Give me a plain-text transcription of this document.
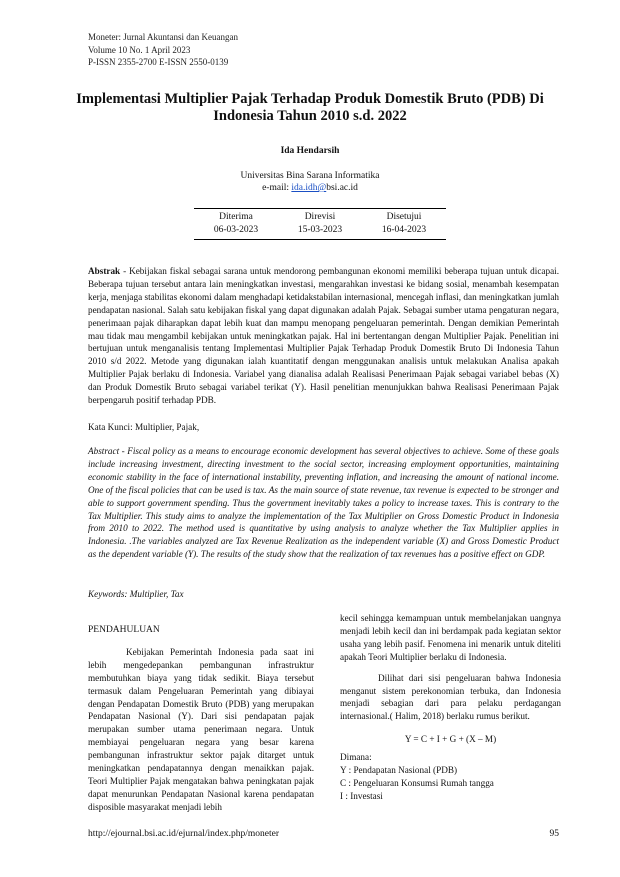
Moneter: Jurnal Akuntansi dan Keuangan
Volume 10 No. 1 April 2023
P-ISSN 2355-2700 E-ISSN 2550-0139
Implementasi Multiplier Pajak Terhadap Produk Domestik Bruto (PDB) Di Indonesia Tahun 2010 s.d. 2022
Ida Hendarsih
Universitas Bina Sarana Informatika
e-mail: ida.idh@bsi.ac.id
Diterima
06-03-2023
Direvisi
15-03-2023
Disetujui
16-04-2023
Abstrak - Kebijakan fiskal sebagai sarana untuk mendorong pembangunan ekonomi memiliki beberapa tujuan untuk dicapai. Beberapa tujuan tersebut antara lain meningkatkan investasi, mengarahkan investasi ke bidang sosial, menambah kesempatan kerja, menjaga stabilitas ekonomi dalam menghadapi ketidakstabilan internasional, mencegah inflasi, dan meningkatkan jumlah pendapatan nasional. Salah satu kebijakan fiskal yang dapat digunakan adalah Pajak. Sebagai sumber utama pengaturan negara, penerimaan pajak diharapkan dapat lebih kuat dan mampu menopang pengeluaran pemerintah. Dengan demikian Pemerintah mau tidak mau mengambil kebijakan untuk meningkatkan pajak. Hal ini bertentangan dengan Multiplier Pajak. Penelitian ini bertujuan untuk menganalisis tentang Implementasi Multiplier Pajak Terhadap Produk Domestik Bruto Di Indonesia Tahun 2010 s/d 2022. Metode yang digunakan ialah kuantitatif dengan menggunakan analisis untuk melakukan Analisa apakah Multiplier Pajak berlaku di Indonesia. Variabel yang dianalisa adalah Realisasi Penerimaan Pajak sebagai variabel bebas (X) dan Produk Domestik Bruto sebagai variabel terikat (Y). Hasil penelitian menunjukkan bahwa Realisasi Penerimaan Pajak berpengaruh positif terhadap PDB.
Kata Kunci: Multiplier, Pajak,
Abstract - Fiscal policy as a means to encourage economic development has several objectives to achieve. Some of these goals include increasing investment, directing investment to the social sector, increasing employment opportunities, maintaining economic stability in the face of international instability, preventing inflation, and increasing the amount of national income. One of the fiscal policies that can be used is tax. As the main source of state revenue, tax revenue is expected to be stronger and able to support government spending. Thus the government inevitably takes a policy to increase taxes. This is contrary to the Tax Multiplier. This study aims to analyze the implementation of the Tax Multiplier on Gross Domestic Product in Indonesia from 2010 to 2022. The method used is quantitative by using analysis to analyze whether the Tax Multiplier applies in Indonesia. .The variables analyzed are Tax Revenue Realization as the independent variable (X) and Gross Domestic Product as the dependent variable (Y). The results of the study show that the realization of tax revenues has a positive effect on GDP.
Keywords: Multiplier, Tax
PENDAHULUAN

Kebijakan Pemerintah Indonesia pada saat ini lebih mengedepankan pembangunan infrastruktur membutuhkan biaya yang tidak sedikit. Biaya tersebut termasuk dalam Pengeluaran Pemerintah yang dibiayai dengan Pendapatan Domestik Bruto (PDB) yang merupakan Pendapatan Nasional (Y). Dari sisi pendapatan pajak merupakan sumber utama penerimaan negara. Untuk membiayai pengeluaran negara yang besar karena pembangunan infrastruktur sektor pajak ditarget untuk meningkatkan pendapatannya dengan menaikkan pajak. Teori Multiplier Pajak mengatakan bahwa peningkatan pajak dapat menurunkan Pendapatan Nasional karena pendapatan disposible masyarakat menjadi lebih

kecil sehingga kemampuan untuk membelanjakan uangnya menjadi lebih kecil dan ini berdampak pada kegiatan sektor usaha yang lebih pasif. Fenomena ini menarik untuk diteliti apakah Teori Multiplier berlaku di Indonesia.

Dilihat dari sisi pengeluaran bahwa Indonesia menganut sistem perekonomian terbuka, dan Indonesia menjadi sebagian dari para pelaku perdagangan internasional.( Halim, 2018) berlaku rumus berikut.

Y = C + I + G + (X – M)
Dimana:
Y : Pendapatan Nasional (PDB)
C : Pengeluaran Konsumsi Rumah tangga
I : Investasi
http://ejournal.bsi.ac.id/ejurnal/index.php/moneter	95
